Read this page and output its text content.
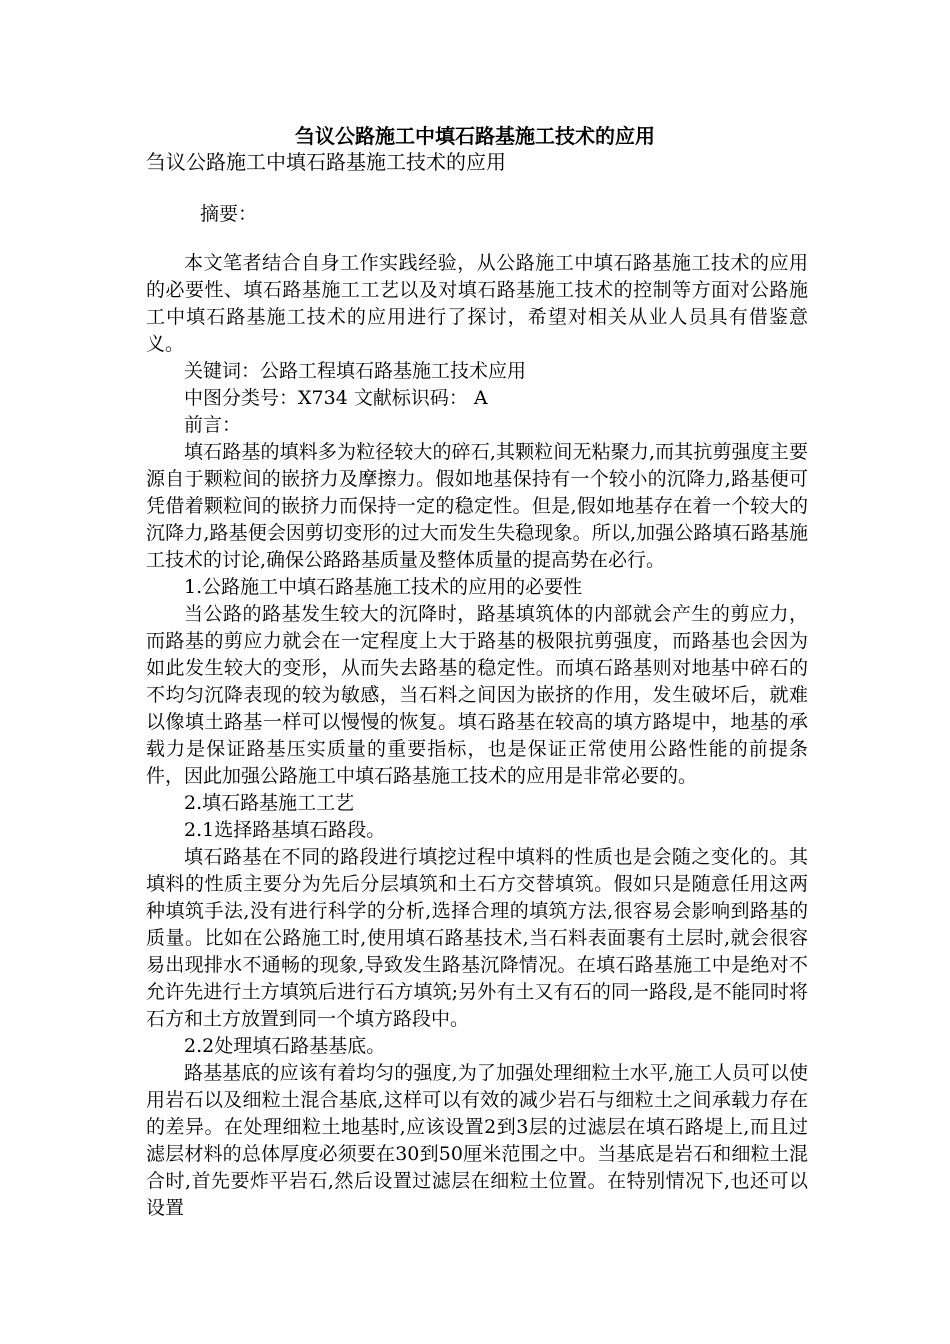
刍议公路施工中填石路基施工技术的应用
刍议公路施工中填石路基施工技术的应用
摘要：

本文笔者结合自身工作实践经验，从公路施工中填石路基施工技术的应用的必要性、填石路基施工工艺以及对填石路基施工技术的控制等方面对公路施工中填石路基施工技术的应用进行了探讨，希望对相关从业人员具有借鉴意义。

关键词：公路工程填石路基施工技术应用

中图分类号：X734 文献标识码： A

前言：

填石路基的填料多为粒径较大的碎石,其颗粒间无粘聚力,而其抗剪强度主要源自于颗粒间的嵌挤力及摩擦力。假如地基保持有一个较小的沉降力,路基便可凭借着颗粒间的嵌挤力而保持一定的稳定性。但是,假如地基存在着一个较大的沉降力,路基便会因剪切变形的过大而发生失稳现象。所以,加强公路填石路基施工技术的讨论,确保公路路基质量及整体质量的提高势在必行。

1.公路施工中填石路基施工技术的应用的必要性

当公路的路基发生较大的沉降时，路基填筑体的内部就会产生的剪应力，而路基的剪应力就会在一定程度上大于路基的极限抗剪强度，而路基也会因为如此发生较大的变形，从而失去路基的稳定性。而填石路基则对地基中碎石的不均匀沉降表现的较为敏感，当石料之间因为嵌挤的作用，发生破坏后，就难以像填土路基一样可以慢慢的恢复。填石路基在较高的填方路堤中，地基的承载力是保证路基压实质量的重要指标，也是保证正常使用公路性能的前提条件，因此加强公路施工中填石路基施工技术的应用是非常必要的。

2.填石路基施工工艺

2.1选择路基填石路段。

填石路基在不同的路段进行填挖过程中填料的性质也是会随之变化的。其填料的性质主要分为先后分层填筑和土石方交替填筑。假如只是随意任用这两种填筑手法,没有进行科学的分析,选择合理的填筑方法,很容易会影响到路基的质量。比如在公路施工时,使用填石路基技术,当石料表面裹有土层时,就会很容易出现排水不通畅的现象,导致发生路基沉降情况。在填石路基施工中是绝对不允许先进行土方填筑后进行石方填筑;另外有土又有石的同一路段,是不能同时将石方和土方放置到同一个填方路段中。

2.2处理填石路基基底。

路基基底的应该有着均匀的强度,为了加强处理细粒土水平,施工人员可以使用岩石以及细粒土混合基底,这样可以有效的减少岩石与细粒土之间承载力存在的差异。在处理细粒土地基时,应该设置2到3层的过滤层在填石路堤上,而且过滤层材料的总体厚度必须要在30到50厘米范围之中。当基底是岩石和细粒土混合时,首先要炸平岩石,然后设置过滤层在细粒土位置。在特别情况下,也还可以设置
